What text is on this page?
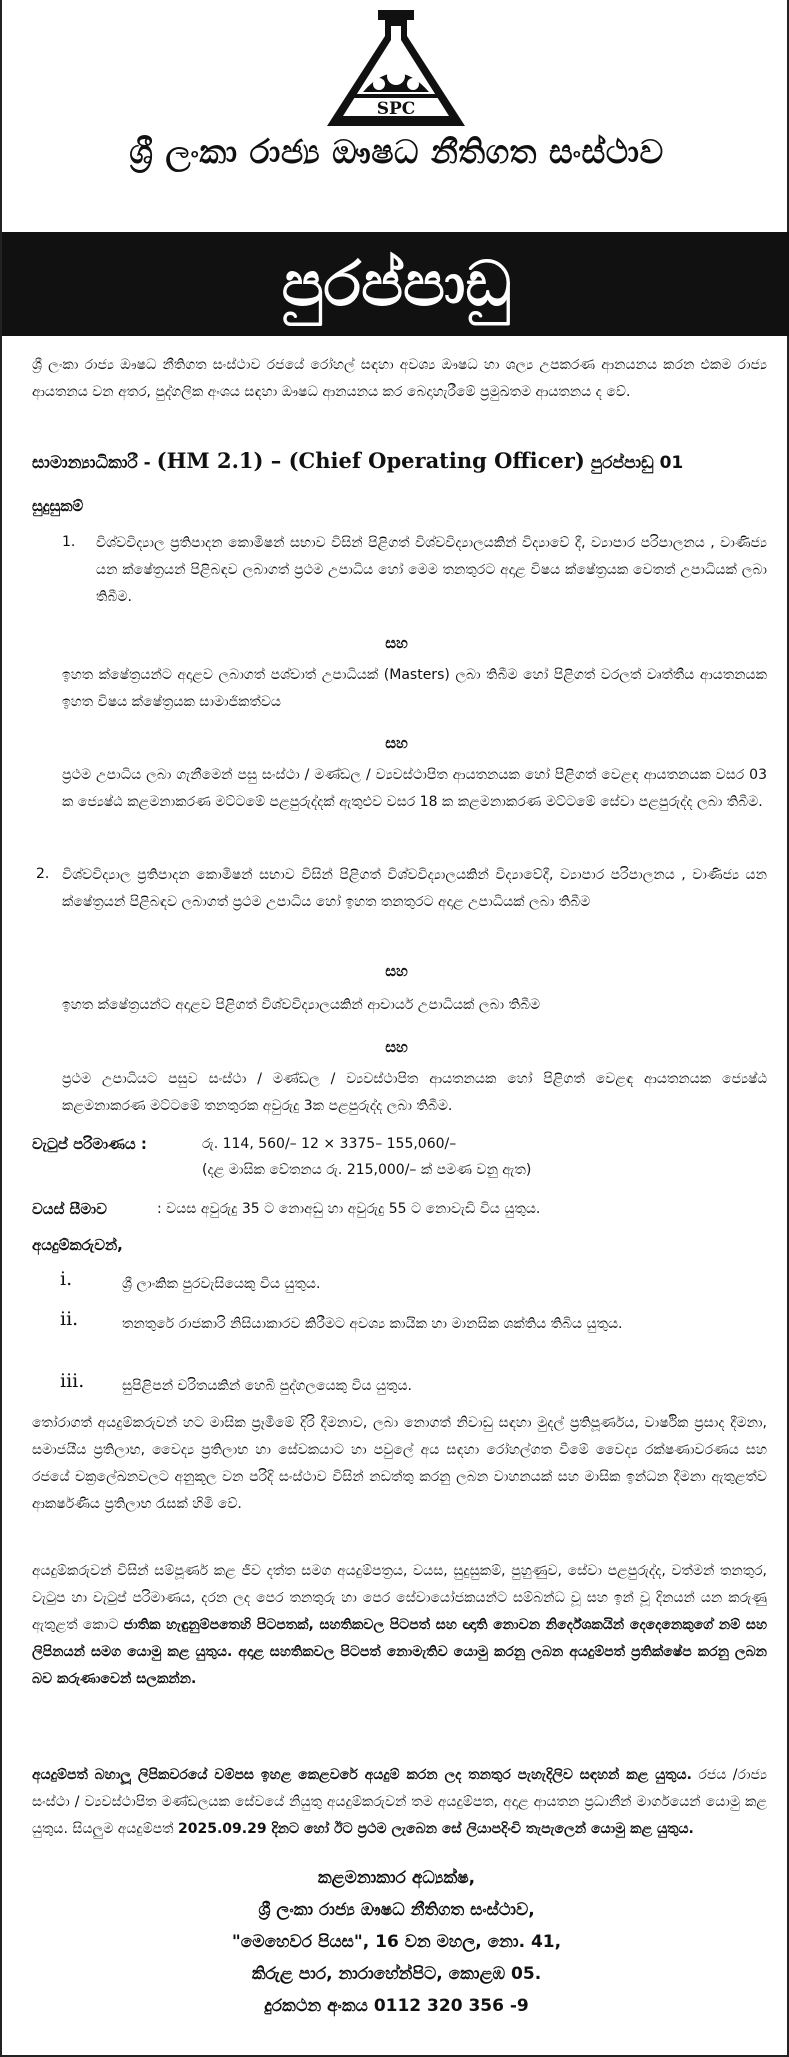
SPC
ශ්‍රී ලංකා රාජ්‍ය ඖෂධ නීතිගත සංස්ථාව
පුරප්පාඩු
ශ්‍රී ලංකා රාජ්‍ය ඖෂධ නීතිගත සංස්ථාව රජයේ රෝහල් සඳහා අවශ්‍ය ඖෂධ හා ශල්‍ය උපකරණ ආනයනය කරන එකම රාජ්‍ය ආයතනය වන අතර, පුද්ගලික අංශය සඳහා ඖෂධ ආනයනය කර බෙදාහැරීමේ ප්‍රමුඛතම ආයතනය ද වේ.
සාමාන්‍යාධිකාරී - (HM 2.1) – (Chief Operating Officer) පුරප්පාඩු 01
සුදුසුකම්
1. විශ්වවිද්‍යාල ප්‍රතිපාදන කොමිෂන් සභාව විසින් පිළිගත් විශ්වවිද්‍යාලයකින් විද්‍යාවේ දී, ව්‍යාපාර පරිපාලනය , වාණිජ්‍ය යන ක්ෂේත්‍රයන් පිළිබඳව ලබාගත් ප්‍රථම උපාධිය හෝ මෙම තනතුරට අදාළ විෂය ක්ෂේත්‍රයක වෙතත් උපාධියක් ලබා තිබීම.
සහ
ඉහත ක්ෂේත්‍රයන්ට අදාළව ලබාගත් පශ්චාත් උපාධියක් (Masters) ලබා තිබීම හෝ පිළිගත් වරලත් වෘත්තීය ආයතනයක ඉහත විෂය ක්ෂේත්‍රයක සාමාජිකත්වය
සහ
ප්‍රථම උපාධිය ලබා ගැනීමෙන් පසු සංස්ථා / මණ්ඩල / ව්‍යවස්ථාපිත ආයතනයක හෝ පිළිගත් වෙළඳ ආයතනයක වසර 03 ක ජ්‍යෙෂ්ඨ කළමනාකරණ මට්ටමේ පළපුරුද්දක් ඇතුළුව වසර 18 ක කළමනාකරණ මට්ටමේ සේවා පළපුරුද්ද ලබා තිබීම.
2. විශ්වවිද්‍යාල ප්‍රතිපාදන කොමිෂන් සභාව විසින් පිළිගත් විශ්වවිද්‍යාලයකින් විද්‍යාවේදී, ව්‍යාපාර පරිපාලනය , වාණිජ්‍ය යන ක්ෂේත්‍රයන් පිළිබඳව ලබාගත් ප්‍රථම උපාධිය හෝ ඉහත තනතුරට අදාළ උපාධියක් ලබා තිබීම
සහ
ඉහත ක්ෂේත්‍රයන්ට අදාළව පිළිගත් විශ්වවිද්‍යාලයකින් ආචාර්ය උපාධියක් ලබා තිබීම
සහ
ප්‍රථම උපාධියට පසුව සංස්ථා / මණ්ඩල / ව්‍යවස්ථාපිත ආයතනයක හෝ පිළිගත් වෙළඳ ආයතනයක ජ්‍යෙෂ්ඨ කළමනාකරණ මට්ටමේ තනතුරක අවුරුදු 3ක පළපුරුද්ද ලබා තිබීම.
වැටුප් පරිමාණය :	රු. 114, 560/– 12 × 3375– 155,060/–
(දළ මාසික වේතනය රු. 215,000/– ක් පමණ වනු ඇත)
වයස් සීමාව	: වයස අවුරුදු 35 ට නොඅඩු හා අවුරුදු 55 ට නොවැඩි විය යුතුය.
අයදුම්කරුවන්,
i.	ශ්‍රී ලාංකික පුරවැසියෙකු විය යුතුය.
ii.	තනතුරේ රාජකාරි නිසියාකාරව කිරීමට අවශ්‍ය කායික හා මානසික ශක්තිය තිබිය යුතුය.
iii.	සුපිළිපන් චරිතයකින් හෙබි පුද්ගලයෙකු විය යුතුය.
තෝරාගත් අයදුම්කරුවන් හට මාසික ප්‍රෑමීමේ දිරි දීමනාව, ලබා නොගත් නිවාඩු සඳහා මුදල් ප්‍රතිපූර්ණය, වාර්ෂික ප්‍රසාද දීමනා, සමාජයීය ප්‍රතිලාභ, වෛද්‍ය ප්‍රතිලාභ හා සේවකයාට හා පවුලේ අය සඳහා රෝහල්ගත වීමේ වෛද්‍ය රක්ෂණාවරණය සහ රජයේ චක්‍රලේඛනවලට අනුකූල වන පරිදි සංස්ථාව විසින් නඩත්තු කරනු ලබන වාහනයක් සහ මාසික ඉන්ධන දීමනා ඇතුළත්ව ආකර්ෂණීය ප්‍රතිලාභ රැසක් හිමි වේ.
අයදුම්කරුවන් විසින් සම්පූර්ණ කළ ජීව දත්ත සමග අයදුම්පත්‍රය, වයස, සුදුසුකම්, පුහුණුව, සේවා පළපුරුද්ද, වත්මන් තනතුර, වැටුප හා වැටුප් පරිමාණය, දරන ලද පෙර තනතුරු හා පෙර සේවායෝජකයන්ට සම්බන්ධ වූ සහ ඉන් වූ දිනයන් යන කරුණු ඇතුළත් කොට ජාතික හැඳුනුම්පතෙහි පිටපතක්, සහතිකවල පිටපත් සහ ඥාති නොවන නිර්දේශකයින් දෙදෙනෙකුගේ නම් සහ ලිපිනයන් සමග යොමු කළ යුතුය. අදාළ සහතිකවල පිටපත් නොමැතිව යොමු කරනු ලබන අයදුම්පත් ප්‍රතික්ෂේප කරනු ලබන බව කරුණාවෙන් සලකන්න.
අයදුම්පත් බහාලූ ලිපිකවරයේ වම්පස ඉහළ කෙළවරේ අයදුම් කරන ලද තනතුර පැහැදිලිව සඳහන් කළ යුතුය. රජය /රාජ්‍ය සංස්ථා / ව්‍යවස්ථාපිත මණ්ඩලයක සේවයේ නියුතු අයදුම්කරුවන් තම අයදුම්පත, අදාළ ආයතන ප්‍රධානීන් මාර්ගයෙන් යොමු කළ යුතුය. සියලුම අයදුම්පත් 2025.09.29 දිනට හෝ ඊට ප්‍රථම ලැබෙන සේ ලියාපදිංචි තැපැලෙන් යොමු කළ යුතුය.
කළමනාකාර අධ්‍යක්ෂ,
ශ්‍රී ලංකා රාජ්‍ය ඖෂධ නීතිගත සංස්ථාව,
"මෙහෙවර පියස", 16 වන මහල, නො. 41,
කිරුළ පාර, නාරාහේන්පිට, කොළඹ 05.
දුරකථන අංකය 0112 320 356 -9
